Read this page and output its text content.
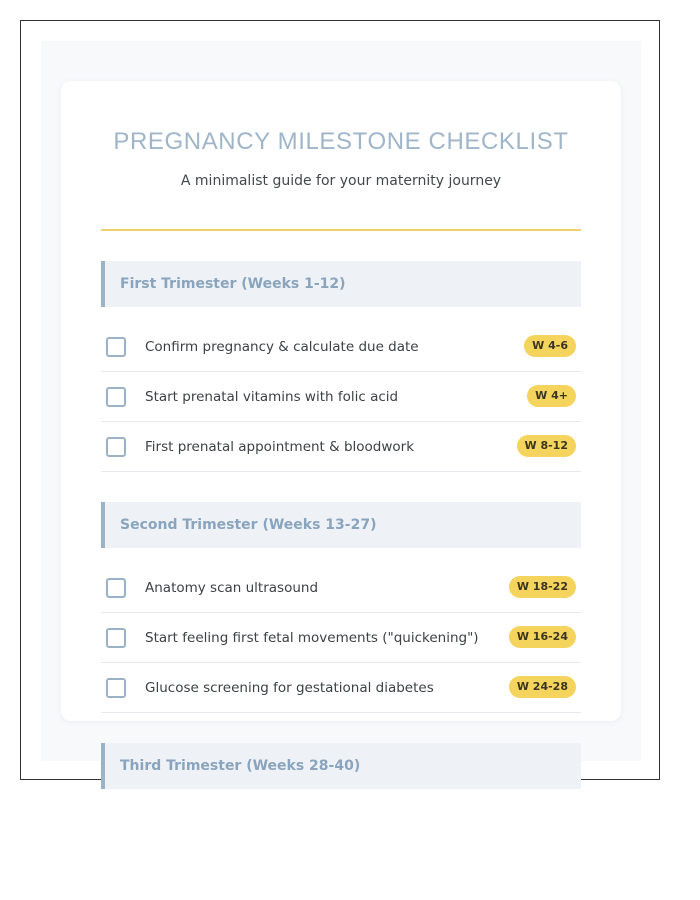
PREGNANCY MILESTONE CHECKLIST

A minimalist guide for your maternity journey

First Trimester (Weeks 1-12)
Confirm pregnancy & calculate due date	W 4-6
Start prenatal vitamins with folic acid	W 4+
First prenatal appointment & bloodwork	W 8-12
Second Trimester (Weeks 13-27)
Anatomy scan ultrasound	W 18-22
Start feeling first fetal movements ("quickening")	W 16-24
Glucose screening for gestational diabetes	W 24-28
Third Trimester (Weeks 28-40)
